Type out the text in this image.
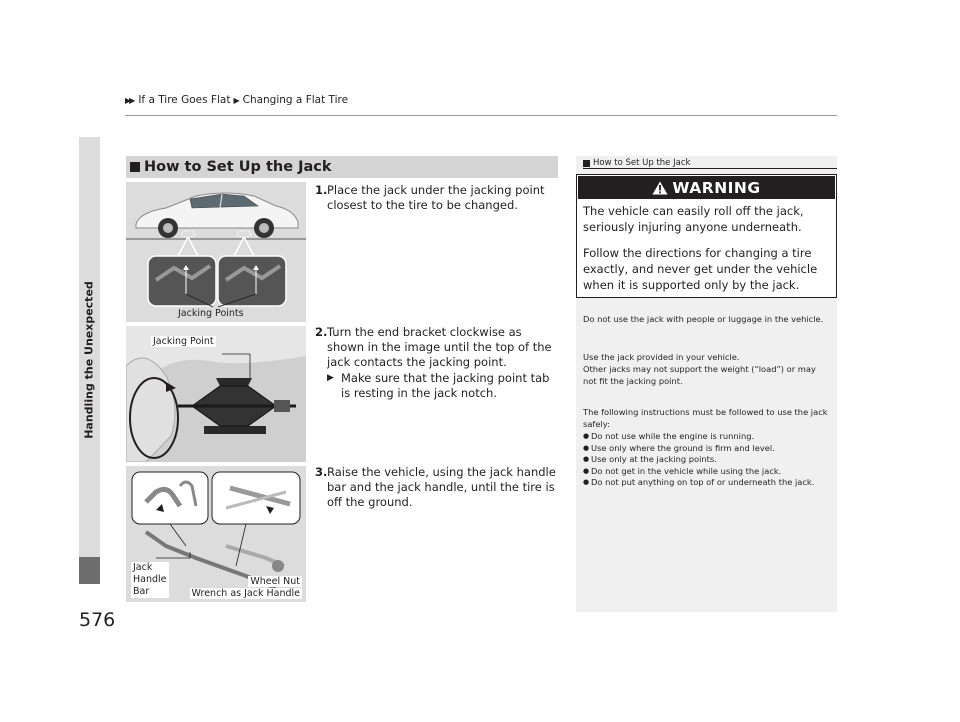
▶▶ If a Tire Goes Flat ▶ Changing a Flat Tire
Handling the Unexpected
576
How to Set Up the Jack
Jacking Points
Jacking Point
Jack
Handle
Bar
Wheel Nut
Wrench as Jack Handle
1. Place the jack under the jacking point closest to the tire to be changed.
2. Turn the end bracket clockwise as shown in the image until the top of the jack contacts the jacking point.
▶ Make sure that the jacking point tab is resting in the jack notch.
3. Raise the vehicle, using the jack handle bar and the jack handle, until the tire is off the ground.
How to Set Up the Jack
WARNING
The vehicle can easily roll off the jack, seriously injuring anyone underneath.
Follow the directions for changing a tire exactly, and never get under the vehicle when it is supported only by the jack.
Do not use the jack with people or luggage in the vehicle.
Use the jack provided in your vehicle.
Other jacks may not support the weight (“load”) or may not fit the jacking point.
The following instructions must be followed to use the jack safely:
● Do not use while the engine is running.
● Use only where the ground is firm and level.
● Use only at the jacking points.
● Do not get in the vehicle while using the jack.
● Do not put anything on top of or underneath the jack.
